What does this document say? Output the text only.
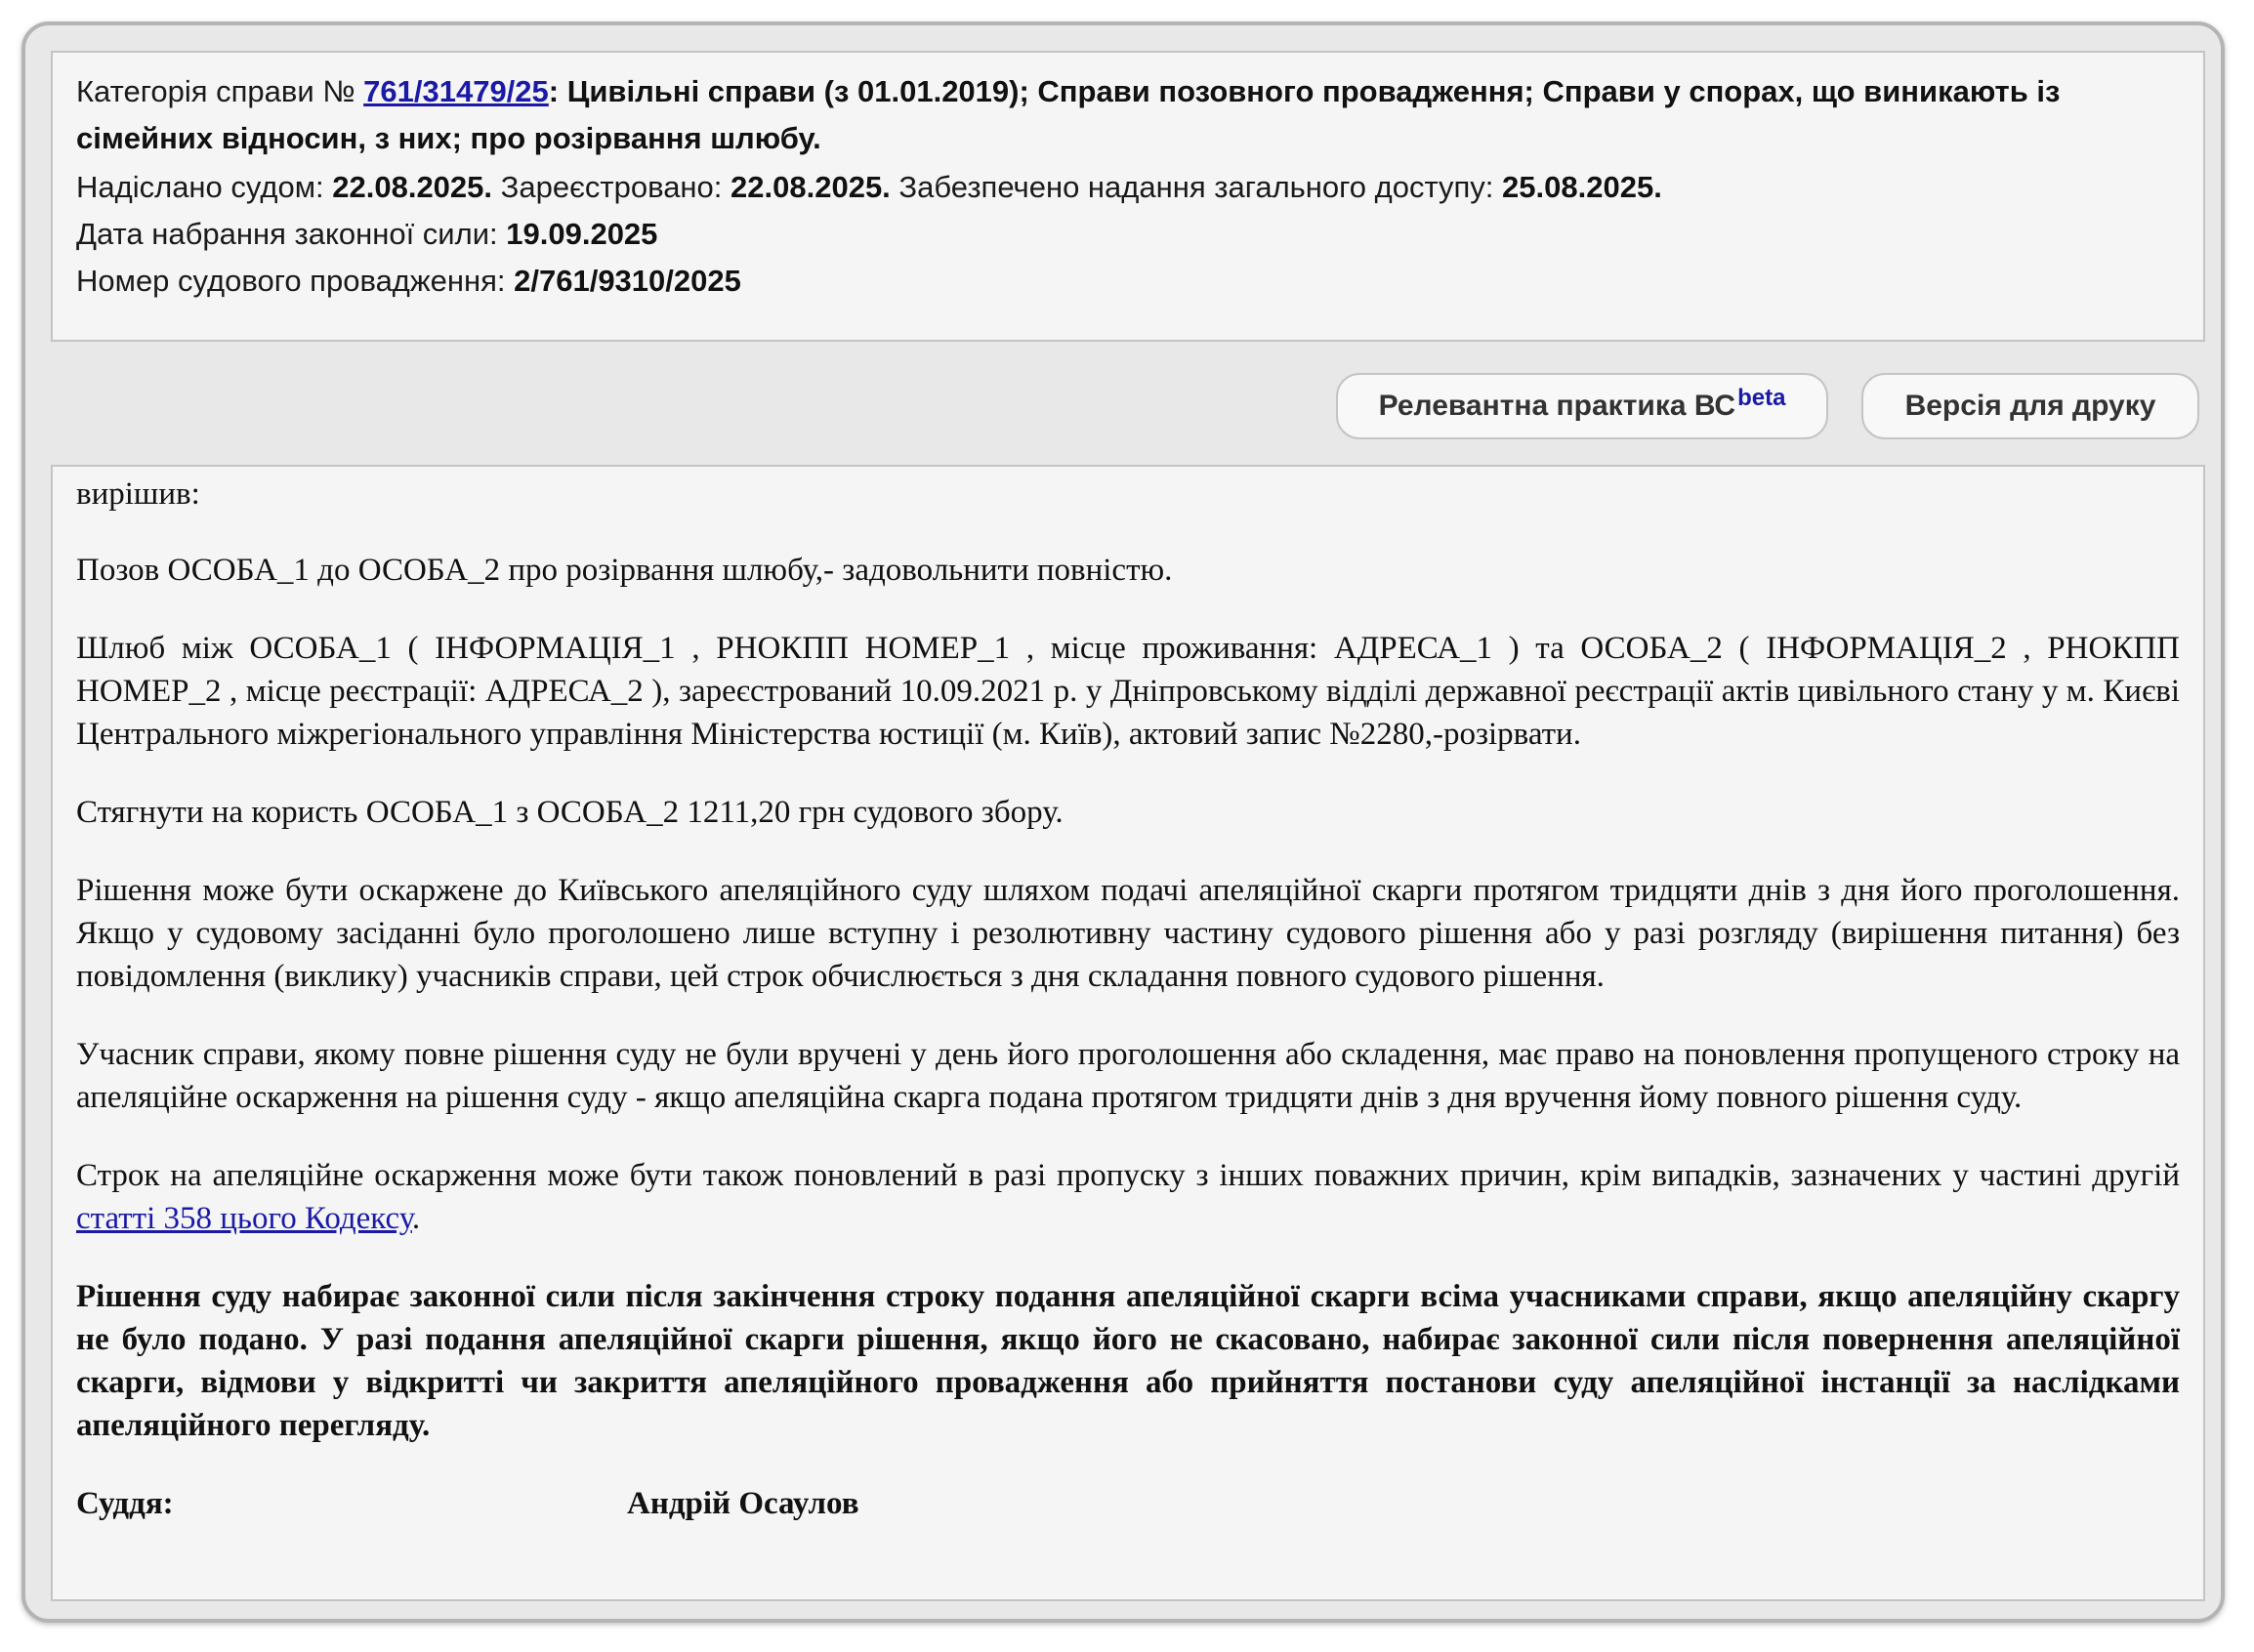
Категорія справи № 761/31479/25: Цивільні справи (з 01.01.2019); Справи позовного провадження; Справи у спорах, що виникають із сімейних відносин, з них; про розірвання шлюбу.

Надіслано судом: 22.08.2025. Зареєстровано: 22.08.2025. Забезпечено надання загального доступу: 25.08.2025.

Дата набрання законної сили: 19.09.2025

Номер судового провадження: 2/761/9310/2025

Релевантна практика $ВС^{beta}$	Версія для друку

вирішив:

Позов ОСОБА_1 до ОСОБА_2 про розірвання шлюбу,- задовольнити повністю.

Шлюб між ОСОБА_1 ( ІНФОРМАЦІЯ_1 , РНОКПП НОМЕР_1 , місце проживання: АДРЕСА_1 ) та ОСОБА_2 ( ІНФОРМАЦІЯ_2 , РНОКПП НОМЕР_2 , місце реєстрації: АДРЕСА_2 ), зареєстрований 10.09.2021 р. у Дніпровському відділі державної реєстрації актів цивільного стану у м. Києві Центрального міжрегіонального управління Міністерства юстиції (м. Київ), актовий запис №2280,-розірвати.

Стягнути на користь ОСОБА_1 з ОСОБА_2 1211,20 грн судового збору.

Рішення може бути оскаржене до Київського апеляційного суду шляхом подачі апеляційної скарги протягом тридцяти днів з дня його проголошення. Якщо у судовому засіданні було проголошено лише вступну і резолютивну частину судового рішення або у разі розгляду (вирішення питання) без повідомлення (виклику) учасників справи, цей строк обчислюється з дня складання повного судового рішення.

Учасник справи, якому повне рішення суду не були вручені у день його проголошення або складення, має право на поновлення пропущеного строку на апеляційне оскарження на рішення суду - якщо апеляційна скарга подана протягом тридцяти днів з дня вручення йому повного рішення суду.

Строк на апеляційне оскарження може бути також поновлений в разі пропуску з інших поважних причин, крім випадків, зазначених у частині другій статті 358 цього Кодексу.

Рішення суду набирає законної сили після закінчення строку подання апеляційної скарги всіма учасниками справи, якщо апеляційну скаргу не було подано. У разі подання апеляційної скарги рішення, якщо його не скасовано, набирає законної сили після повернення апеляційної скарги, відмови у відкритті чи закриття апеляційного провадження або прийняття постанови суду апеляційної інстанції за наслідками апеляційного перегляду.

Суддя:	Андрій Осаулов
